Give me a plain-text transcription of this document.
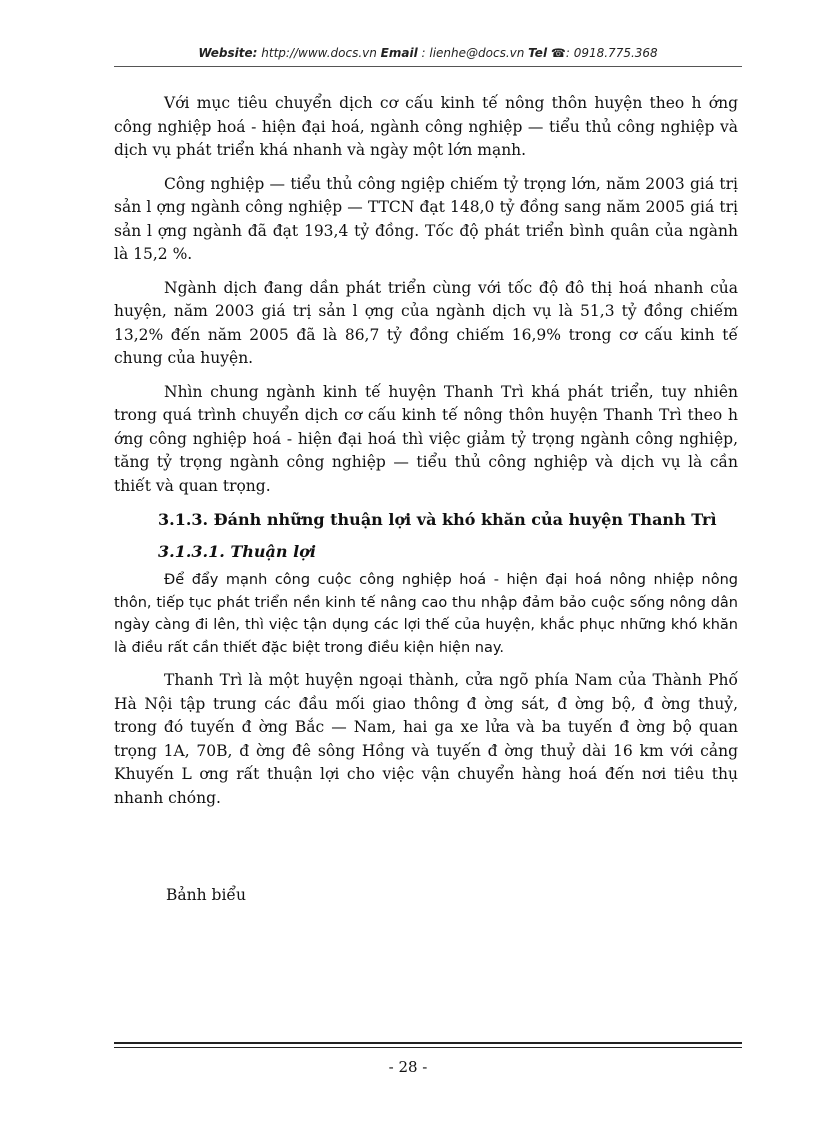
Website: http://www.docs.vn Email : lienhe@docs.vn Tel ☎: 0918.775.368

Với mục tiêu chuyển dịch cơ cấu kinh tế nông thôn huyện theo h ớng công nghiệp hoá - hiện đại hoá, ngành công nghiệp — tiểu thủ công nghiệp và dịch vụ phát triển khá nhanh và ngày một lớn mạnh.

Công nghiệp — tiểu thủ công ngiệp chiếm tỷ trọng lớn, năm 2003 giá trị sản l ợng ngành công nghiệp — TTCN đạt 148,0 tỷ đồng sang năm 2005 giá trị sản l ợng ngành đã đạt 193,4 tỷ đồng. Tốc độ phát triển bình quân của ngành là 15,2 %.

Ngành dịch đang dần phát triển cùng với tốc độ đô thị hoá nhanh của huyện, năm 2003 giá trị sản l ợng của ngành dịch vụ là 51,3 tỷ đồng chiếm 13,2% đến năm 2005 đã là 86,7 tỷ đồng chiếm 16,9% trong cơ cấu kinh tế chung của huyện.

Nhìn chung ngành kinh tế huyện Thanh Trì khá phát triển, tuy nhiên trong quá trình chuyển dịch cơ cấu kinh tế nông thôn huyện Thanh Trì theo h ớng công nghiệp hoá - hiện đại hoá thì việc giảm tỷ trọng ngành công nghiệp, tăng tỷ trọng ngành công nghiệp — tiểu thủ công nghiệp và dịch vụ là cần thiết và quan trọng.

3.1.3. Đánh những thuận lợi và khó khăn của huyện Thanh Trì
3.1.3.1. Thuận lợi

Để đẩy mạnh công cuộc công nghiệp hoá - hiện đại hoá nông nhiệp nông thôn, tiếp tục phát triển nền kinh tế nâng cao thu nhập đảm bảo cuộc sống nông dân ngày càng đi lên, thì việc tận dụng các lợi thế của huyện, khắc phục những khó khăn là điều rất cần thiết đặc biệt trong điều kiện hiện nay.

Thanh Trì là một huyện ngoại thành, cửa ngõ phía Nam của Thành Phố Hà Nội tập trung các đầu mối giao thông đ ờng sát, đ ờng bộ, đ ờng thuỷ, trong đó tuyến đ ờng Bắc — Nam, hai ga xe lửa và ba tuyến đ ờng bộ quan trọng 1A, 70B, đ ờng đê sông Hồng và tuyến đ ờng thuỷ dài 16 km với cảng Khuyến L ơng rất thuận lợi cho việc vận chuyển hàng hoá đến nơi tiêu thụ nhanh chóng.

Bảnh biểu
- 28 -
